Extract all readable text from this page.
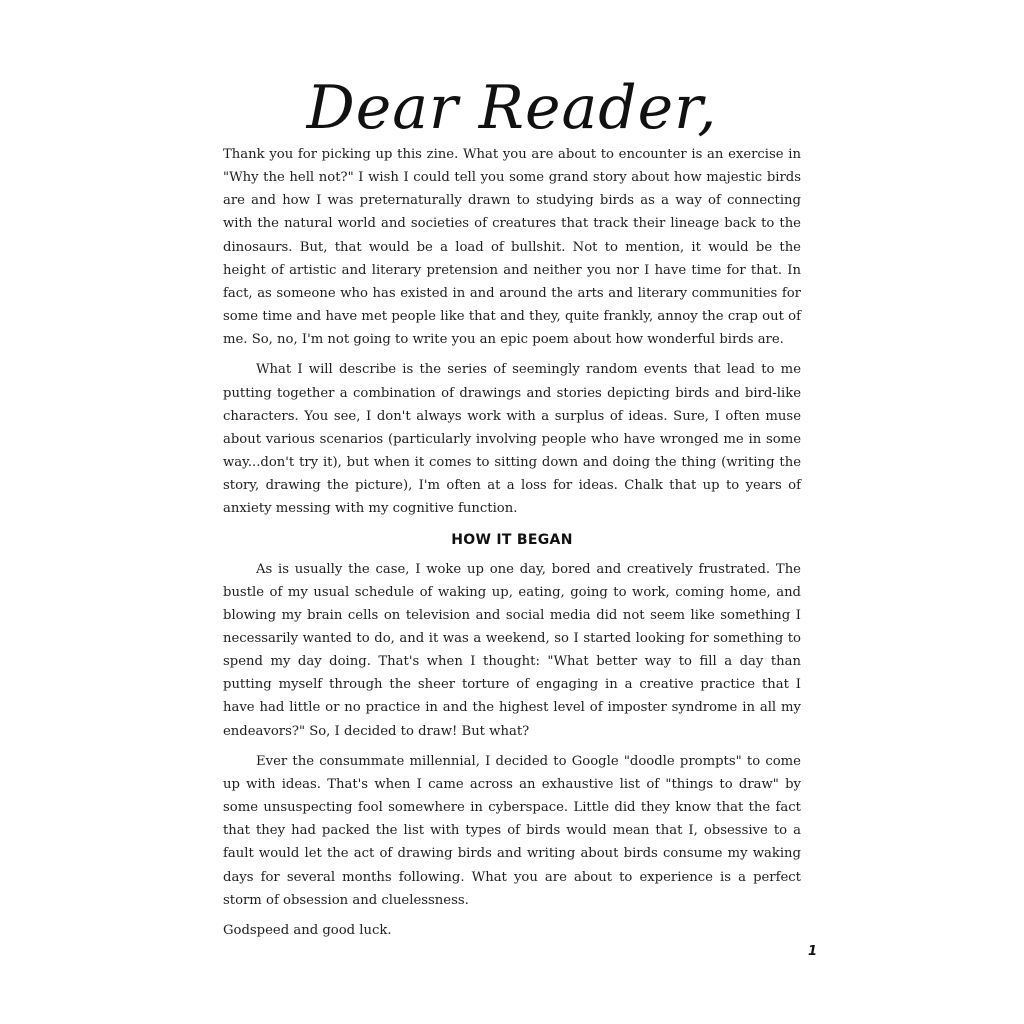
Dear Reader,

Thank you for picking up this zine. What you are about to encounter is an exercise in "Why the hell not?" I wish I could tell you some grand story about how majestic birds are and how I was preternaturally drawn to studying birds as a way of connecting with the natural world and societies of creatures that track their lineage back to the dinosaurs. But, that would be a load of bullshit. Not to mention, it would be the height of artistic and literary pretension and neither you nor I have time for that. In fact, as someone who has existed in and around the arts and literary communities for some time and have met people like that and they, quite frankly, annoy the crap out of me. So, no, I'm not going to write you an epic poem about how wonderful birds are.

What I will describe is the series of seemingly random events that lead to me putting together a combination of drawings and stories depicting birds and bird-like characters. You see, I don't always work with a surplus of ideas. Sure, I often muse about various scenarios (particularly involving people who have wronged me in some way...don't try it), but when it comes to sitting down and doing the thing (writing the story, drawing the picture), I'm often at a loss for ideas. Chalk that up to years of anxiety messing with my cognitive function.

HOW IT BEGAN

As is usually the case, I woke up one day, bored and creatively frustrated. The bustle of my usual schedule of waking up, eating, going to work, coming home, and blowing my brain cells on television and social media did not seem like something I necessarily wanted to do, and it was a weekend, so I started looking for something to spend my day doing. That's when I thought: "What better way to fill a day than putting myself through the sheer torture of engaging in a creative practice that I have had little or no practice in and the highest level of imposter syndrome in all my endeavors?" So, I decided to draw! But what?

Ever the consummate millennial, I decided to Google "doodle prompts" to come up with ideas. That's when I came across an exhaustive list of "things to draw" by some unsuspecting fool somewhere in cyberspace. Little did they know that the fact that they had packed the list with types of birds would mean that I, obsessive to a fault would let the act of drawing birds and writing about birds consume my waking days for several months following. What you are about to experience is a perfect storm of obsession and cluelessness.

Godspeed and good luck.

1
